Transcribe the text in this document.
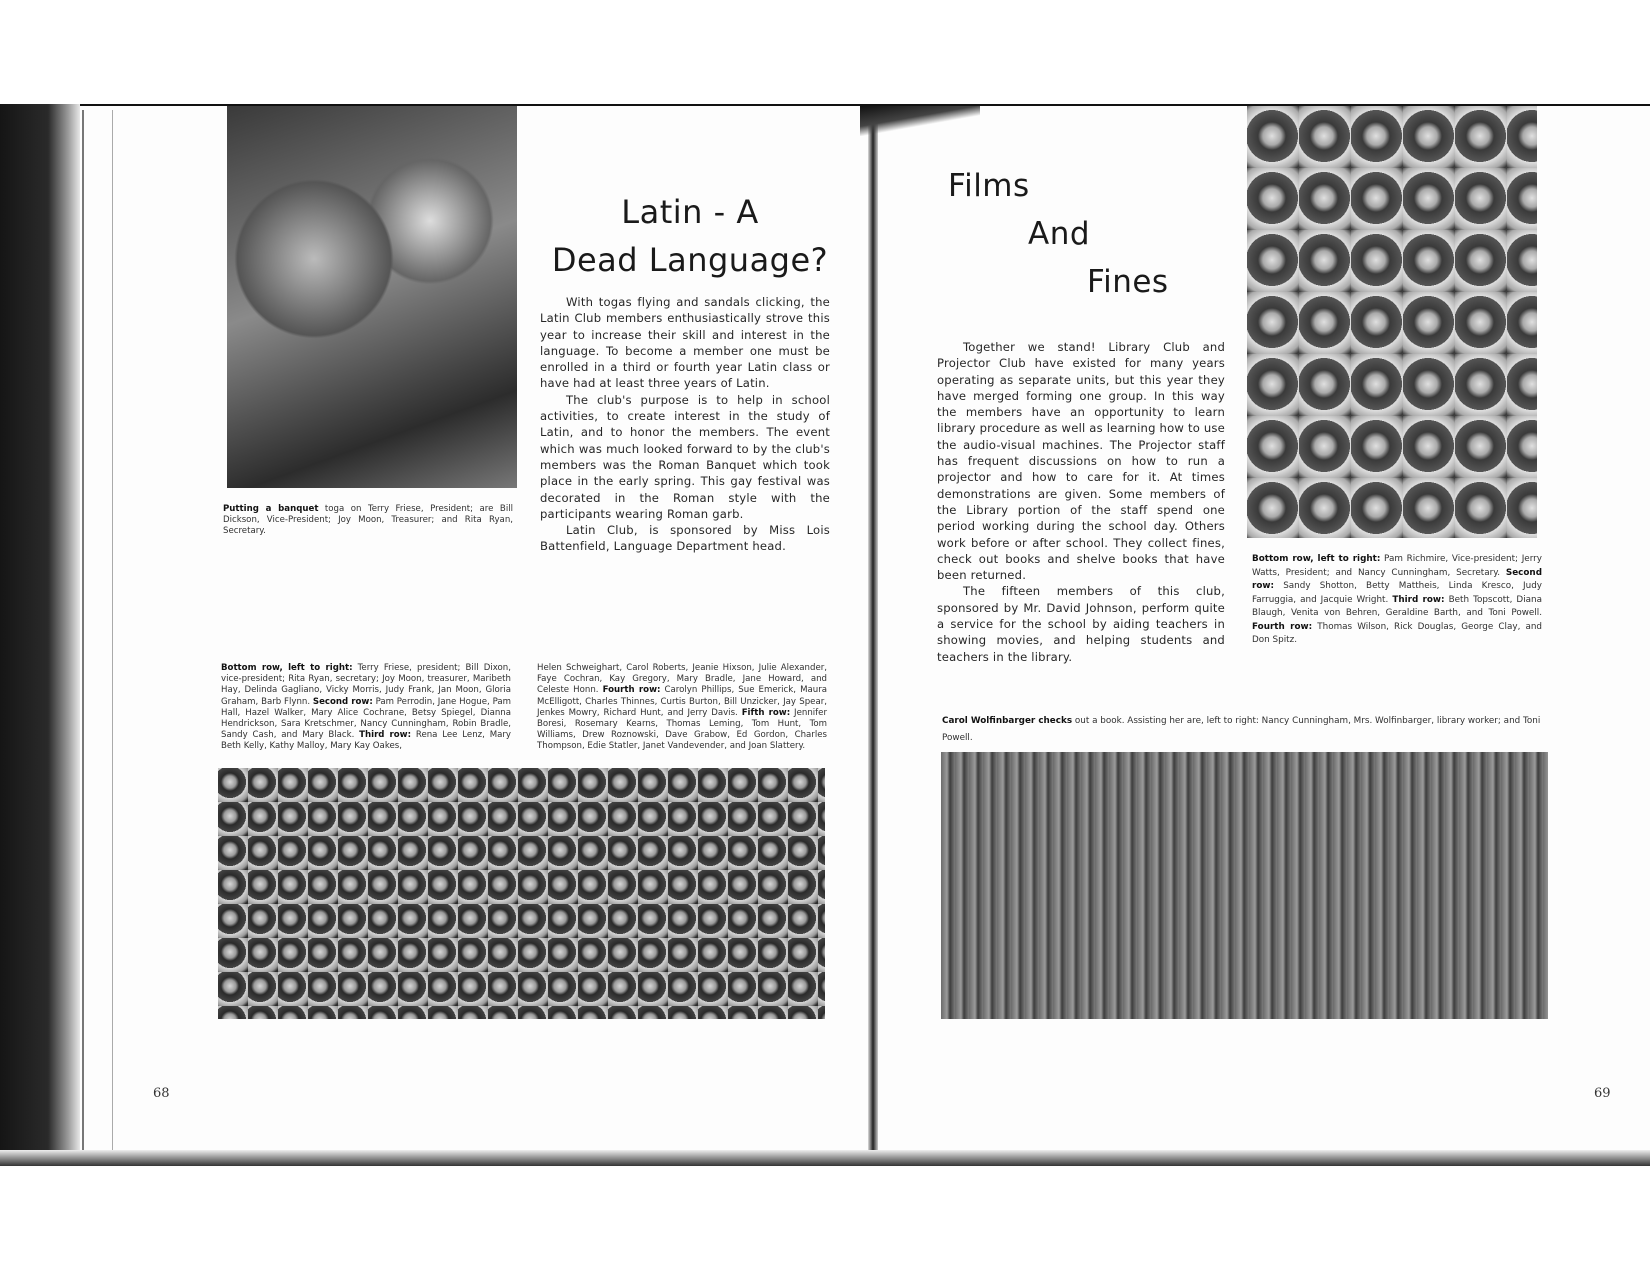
Latin - A
Dead Language?

With togas flying and sandals clicking, the Latin Club members enthusiastically strove this year to increase their skill and interest in the language. To become a member one must be enrolled in a third or fourth year Latin class or have had at least three years of Latin.

The club's purpose is to help in school activities, to create interest in the study of Latin, and to honor the members. The event which was much looked forward to by the club's members was the Roman Banquet which took place in the early spring. This gay festival was decorated in the Roman style with the participants wearing Roman garb.

Latin Club, is sponsored by Miss Lois Battenfield, Language Department head.

Putting a banquet toga on Terry Friese, President; are Bill Dickson, Vice-President; Joy Moon, Treasurer; and Rita Ryan, Secretary.
Bottom row, left to right: Terry Friese, president; Bill Dixon, vice-president; Rita Ryan, secretary; Joy Moon, treasurer, Maribeth Hay, Delinda Gagliano, Vicky Morris, Judy Frank, Jan Moon, Gloria Graham, Barb Flynn. Second row: Pam Perrodin, Jane Hogue, Pam Hall, Hazel Walker, Mary Alice Cochrane, Betsy Spiegel, Dianna Hendrickson, Sara Kretschmer, Nancy Cunningham, Robin Bradle, Sandy Cash, and Mary Black. Third row: Rena Lee Lenz, Mary Beth Kelly, Kathy Malloy, Mary Kay Oakes,
Helen Schweighart, Carol Roberts, Jeanie Hixson, Julie Alexander, Faye Cochran, Kay Gregory, Mary Bradle, Jane Howard, and Celeste Honn. Fourth row: Carolyn Phillips, Sue Emerick, Maura McElligott, Charles Thinnes, Curtis Burton, Bill Unzicker, Jay Spear, Jenkes Mowry, Richard Hunt, and Jerry Davis. Fifth row: Jennifer Boresi, Rosemary Kearns, Thomas Leming, Tom Hunt, Tom Williams, Drew Roznowski, Dave Grabow, Ed Gordon, Charles Thompson, Edie Statler, Janet Vandevender, and Joan Slattery.
68
Films
And
Fines

Together we stand! Library Club and Projector Club have existed for many years operating as separate units, but this year they have merged forming one group. In this way the members have an opportunity to learn library procedure as well as learning how to use the audio-visual machines. The Projector staff has frequent discussions on how to run a projector and how to care for it. At times demonstrations are given. Some members of the Library portion of the staff spend one period working during the school day. Others work before or after school. They collect fines, check out books and shelve books that have been returned.

The fifteen members of this club, sponsored by Mr. David Johnson, perform quite a service for the school by aiding teachers in showing movies, and helping students and teachers in the library.

Bottom row, left to right: Pam Richmire, Vice-president; Jerry Watts, President; and Nancy Cunningham, Secretary. Second row: Sandy Shotton, Betty Mattheis, Linda Kresco, Judy Farruggia, and Jacquie Wright. Third row: Beth Topscott, Diana Blaugh, Venita von Behren, Geraldine Barth, and Toni Powell. Fourth row: Thomas Wilson, Rick Douglas, George Clay, and Don Spitz.
Carol Wolfinbarger checks out a book. Assisting her are, left to right: Nancy Cunningham, Mrs. Wolfinbarger, library worker; and Toni Powell.
69
